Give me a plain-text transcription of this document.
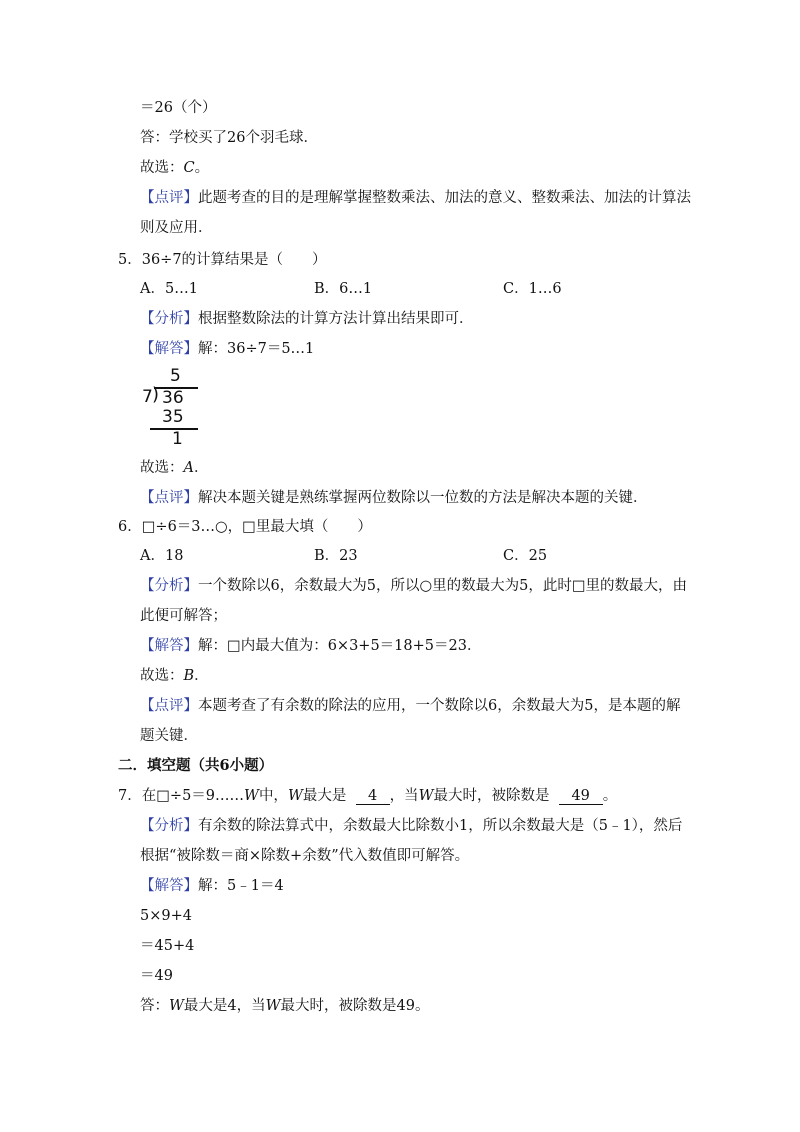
＝26（个）
答：学校买了26个羽毛球．
故选：C。
【点评】此题考查的目的是理解掌握整数乘法、加法的意义、整数乘法、加法的计算法
则及应用．
5．36÷7的计算结果是（　　）
A．5…1	B．6…1	C．1…6
【分析】根据整数除法的计算方法计算出结果即可．
【解答】解：36÷7＝5…1
5
7 ) 36
35
1
故选：A．
【点评】解决本题关键是熟练掌握两位数除以一位数的方法是解决本题的关键．
6．□÷6＝3…○，□里最大填（　　）
A．18	B．23	C．25
【分析】一个数除以6，余数最大为5，所以○里的数最大为5，此时□里的数最大，由
此便可解答；
【解答】解：□内最大值为：6×3+5＝18+5＝23．
故选：B．
【点评】本题考查了有余数的除法的应用，一个数除以6，余数最大为5，是本题的解
题关键．
二．填空题（共6小题）
7．在□÷5＝9……W中，W最大是 4 ，当W最大时，被除数是 49 。
【分析】有余数的除法算式中，余数最大比除数小1，所以余数最大是（5﹣1），然后
根据“被除数＝商×除数+余数”代入数值即可解答。
【解答】解：5﹣1＝4
5×9+4
＝45+4
＝49
答：W最大是4，当W最大时，被除数是49。
